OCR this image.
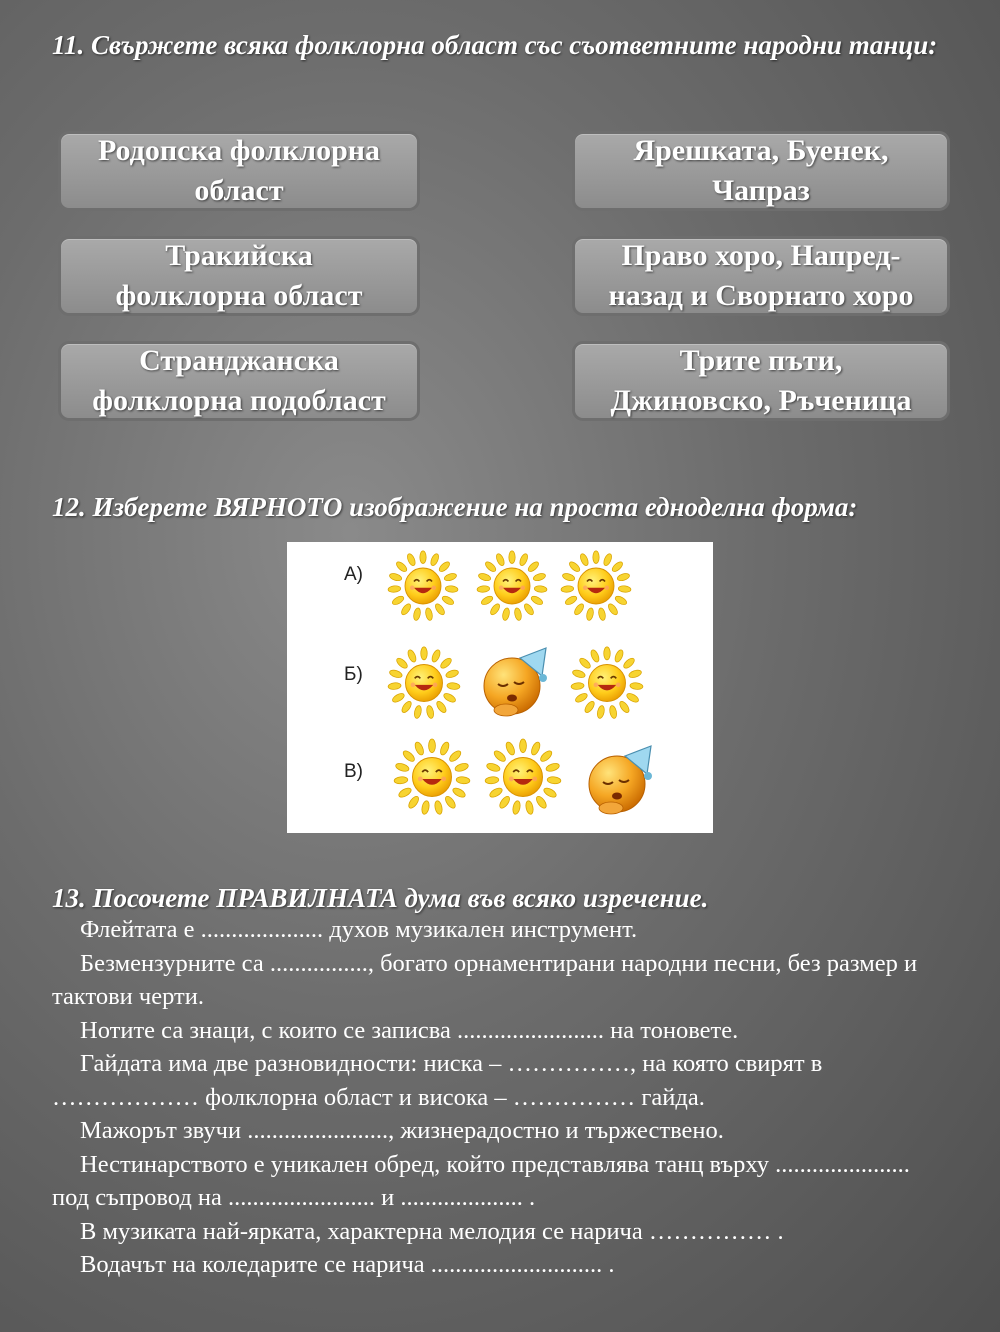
11. Свържете всяка фолклорна област със съответните народни танци:
Родопска фолклорна
област
Тракийска
фолклорна област
Странджанска
фолклорна подобласт
Ярешката, Буенек,
Чапраз
Право хоро, Напред-
назад и Сворнато хоро
Трите пъти,
Джиновско, Ръченица
12. Изберете ВЯРНОТО изображение на проста едноделна форма:
А)
Б)
В)
13. Посочете ПРАВИЛНАТА дума във всяко изречение.

Флейтата е .................... духов музикален инструмент.

Безмензурните са ................, богато орнаментирани народни песни, без размер и тактови черти.

Нотите са знаци, с които се записва ........................ на тоновете.

Гайдата има две разновидности: ниска – ……………, на която свирят в ……………… фолклорна област и висока – …………… гайда.

Мажорът звучи ......................., жизнерадостно и тържествено.

Нестинарството е уникален обред, който представлява танц върху ...................... под съпровод на ........................ и .................... .

В музиката най-ярката, характерна мелодия се нарича …………… .

Водачът на коледарите се нарича ............................ .
